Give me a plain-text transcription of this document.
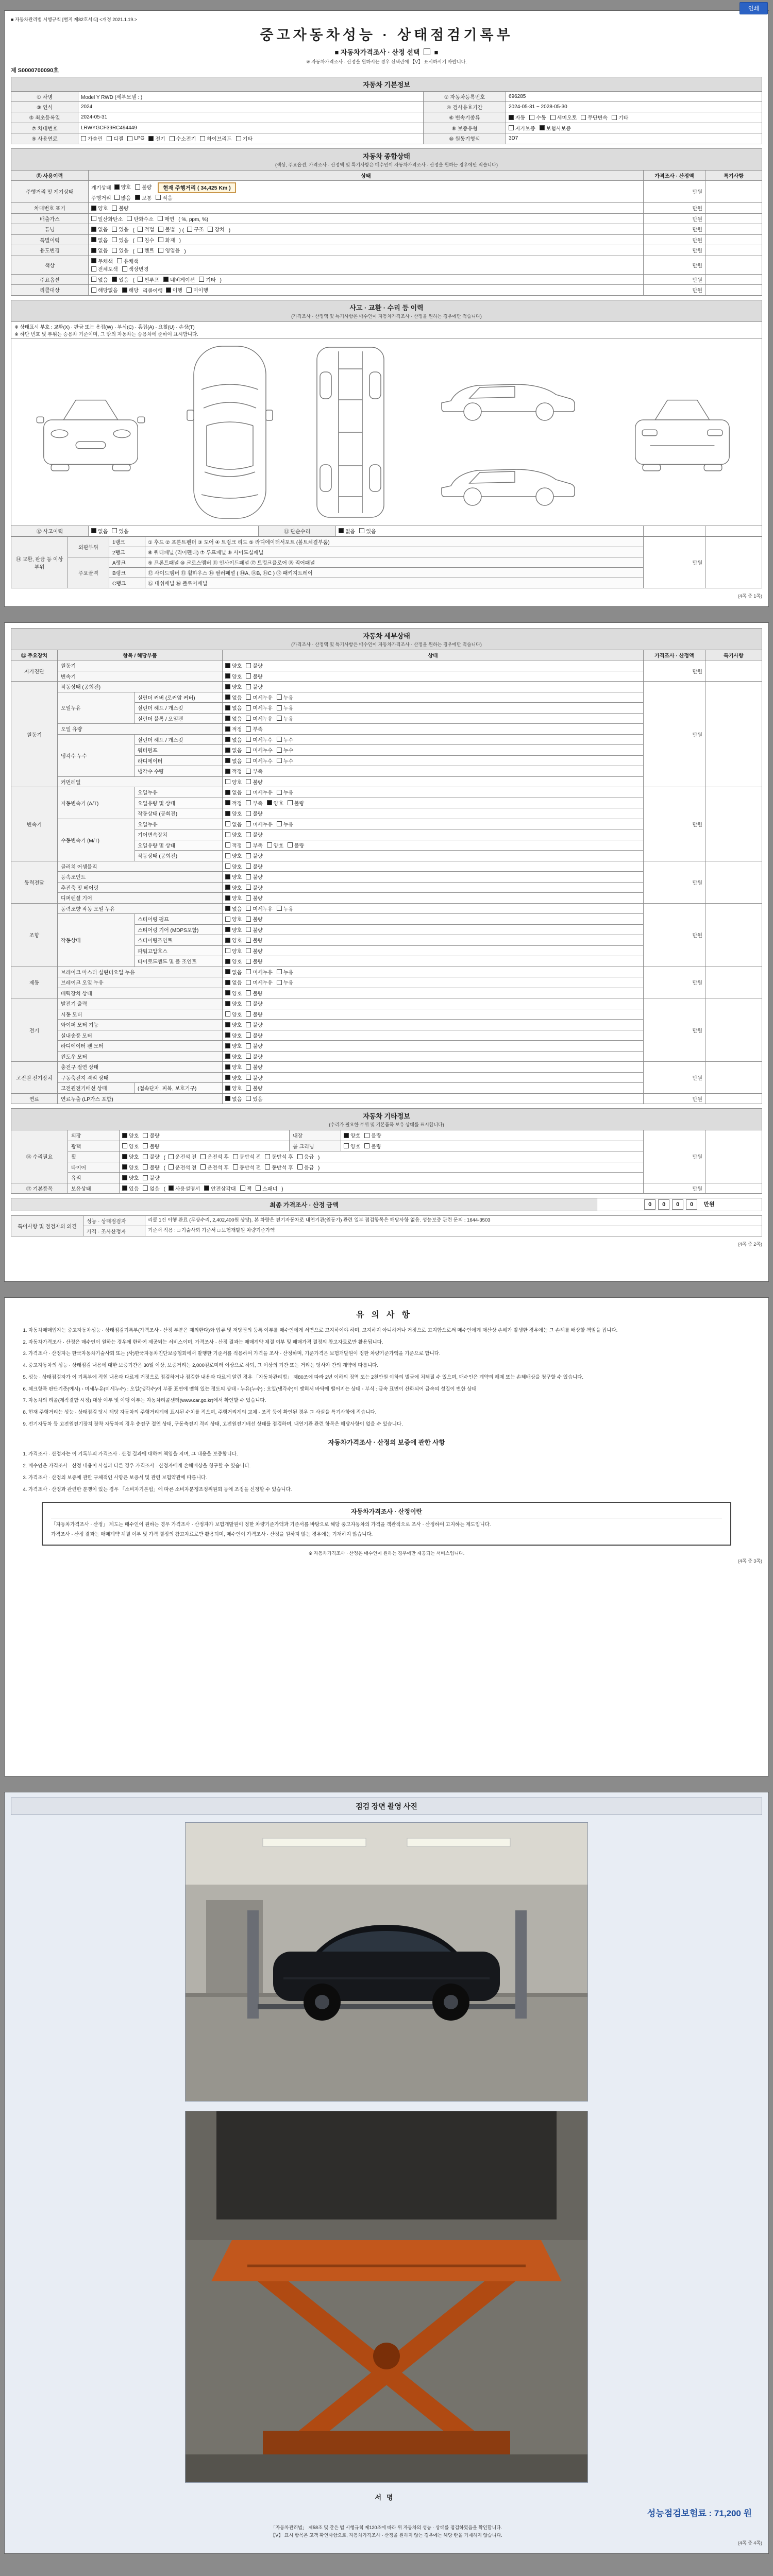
인쇄
■ 자동차관리법 시행규칙 [별지 제82호서식] <개정 2021.1.19.>
중고자동차성능 · 상태점검기록부
■ 자동차가격조사 · 산정 선택 ■
※ 자동차가격조사 · 산정을 원하시는 경우 선택란에 【V】 표시하시기 바랍니다.
제 S0000700090호
자동차 기본정보			
① 차명	Model Y RWD (세부모델 : )	② 자동차등록번호	696285
③ 연식	2024	④ 검사유효기간	2024-05-31 ~ 2028-05-30
⑤ 최초등록일	2024-05-31	⑥ 변속기종류	자동 수동 세미오토 무단변속 기타

⑦ 차대번호	LRWYGCF39RC494449	⑧ 보증유형	자가보증 보험사보증

⑨ 사용연료	가솔린 디젤 LPG 전기 수소전기 하이브리드 기타	⑩ 원동기형식	3D7
자동차 종합상태
(색상, 주요옵션, 가격조사 · 산정액 및 특기사항은 매수인이 자동차가격조사 · 산정을 원하는 경우에만 적습니다)			

⑪ 사용이력	상태	가격조사 · 산정액	특기사항
주행거리 및 계기상태	계기상태 양호 불량 현재 주행거리 ( 34,425 Km )
주행거리 많음 보통 적음
	만원	
차대번호 표기	양호 불량	만원	
배출가스	일산화탄소 탄화수소 매연 ( %, ppm, %)	만원	
튜닝	없음 있음 ( 적법 불법 ) ( 구조 장치 )	만원	
특별이력	없음 있음 ( 침수 화재 )	만원	
용도변경	없음 있음 ( 렌트 영업용 )	만원	
색상	무채색 유채색

전체도색 색상변경	만원	
주요옵션	없음 있음 ( 썬루프 네비게이션 기타 )	만원	
리콜대상	해당없음 해당 리콜이행 이행 미이행	만원	
사고 · 교환 · 수리 등 이력
(가격조사 · 산정액 및 특기사항은 매수인이 자동차가격조사 · 산정을 원하는 경우에만 적습니다)

※ 상태표시 부호 : 교환(X) · 판금 또는 용접(W) · 부식(C) · 흠집(A) · 요철(U) · 손상(T)
※ 하단 번호 및 부위는 승용차 기준이며, 그 밖의 자동차는 승용차에 준하여 표시합니다.

⑫ 사고이력	없음 있음	⑬ 단순수리	없음 있음

⑭ 교환, 판금 등 이상 부위	외판부위	1랭크	① 후드 ② 프론트펜더 ③ 도어 ④ 트렁크 리드 ⑤ 라디에이터서포트 (볼트체결부품)	만원	
		2랭크	⑥ 쿼터패널 (리어펜더) ⑦ 루프패널 ⑧ 사이드실패널		
	주요골격	A랭크	⑨ 프론트패널 ⑩ 크로스멤버 ⑪ 인사이드패널 ⑰ 트렁크플로어 ⑱ 리어패널		
		B랭크	⑫ 사이드멤버 ⑬ 휠하우스 ⑭ 필러패널 ( ⑭A, ⑭B, ⑭C ) ⑲ 패키지트레이		
		C랭크	⑮ 대쉬패널 ⑯ 플로어패널		
(4쪽 중 1쪽)
자동차 세부상태
(가격조사 · 산정액 및 특기사항은 매수인이 자동차가격조사 · 산정을 원하는 경우에만 적습니다)					

⑮ 주요장치	항목 / 해당부품		상태	가격조사 · 산정액	특기사항
자가진단	원동기		양호 불량	만원	
	변속기		양호 불량		

원동기	작동상태 (공회전)		양호 불량	만원	
	오일누유	실린더 커버 (로커암 커버)	없음 미세누유 누유		

		실린더 헤드 / 개스킷	없음 미세누유 누유		

		실린더 블록 / 오일팬	없음 미세누유 누유		

	오일 유량		적정 부족		

	냉각수 누수	실린더 헤드 / 개스킷	없음 미세누수 누수		

		워터펌프	없음 미세누수 누수		

		라디에이터	없음 미세누수 누수		

		냉각수 수량	적정 부족		

	커먼레일		양호 불량		

변속기	자동변속기 (A/T)	오일누유	없음 미세누유 누유	만원	
		오일유량 및 상태	적정 부족 양호 불량		

		작동상태 (공회전)	양호 불량		

	수동변속기 (M/T)	오일누유	없음 미세누유 누유		

		기어변속장치	양호 불량		

		오일유량 및 상태	적정 부족 양호 불량		

		작동상태 (공회전)	양호 불량		

동력전달	클러치 어셈블리		양호 불량	만원	
	등속조인트		양호 불량		

	추진축 및 베어링		양호 불량		

	디퍼렌셜 기어		양호 불량		

조향	동력조향 작동 오일 누유		없음 미세누유 누유	만원	
	작동상태	스티어링 펌프	양호 불량		

		스티어링 기어 (MDPS포함)	양호 불량		

		스티어링조인트	양호 불량		

		파워고압호스	양호 불량		

		타이로드엔드 및 볼 조인트	양호 불량		

제동	브레이크 마스터 실린더오일 누유		없음 미세누유 누유	만원	
	브레이크 오일 누유		없음 미세누유 누유		

	배력장치 상태		양호 불량		

전기	발전기 출력		양호 불량	만원	
	시동 모터		양호 불량		

	와이퍼 모터 기능		양호 불량		

	실내송풍 모터		양호 불량		

	라디에이터 팬 모터		양호 불량		

	윈도우 모터		양호 불량		

고전원 전기장치	충전구 절연 상태		양호 불량	만원	
	구동축전지 격리 상태		양호 불량		

	고전원전기배선 상태	(접속단자, 피복, 보호기구)	양호 불량		

연료	연료누출 (LP가스 포함)		없음 있음	만원	
자동차 기타정보
(수리가 필요한 부위 및 기본품목 보유 상태를 표시합니다)						

⑯ 수리필요	외장	양호 불량	내장	양호 불량	만원	
	광택	양호 불량	룸 크리닝	양호 불량		

휠	양호 불량 ( 운전석 전 운전석 후 동반석 전 동반석 후 응급 )
타이어	양호 불량 ( 운전석 전 운전석 후 동반석 전 동반석 후 응급 )
	유리	양호 불량				

⑰ 기본품목	보유상태	있음 없음 ( 사용설명서 안전삼각대 잭 스패너 )	만원	
최종 가격조사 · 산정 금액	0 0 0 0 만원
특이사항 및 점검자의 의견	성능 · 상태점검자	리콜 1건 이행 완료 (무상수리, 2,402,400원 상당). 본 차량은 전기자동차로 내연기관(원동기) 관련 일부 점검항목은 해당사항 없음. 성능보증 관련 문의 : 1644-3503
	가격 · 조사산정자	기준서 적용 : □ 기술사회 기준서 □ 보험개발원 차량기준가액
(4쪽 중 2쪽)
유의사항
1. 자동차매매업자는 중고자동차성능 · 상태점검기록부(가격조사 · 산정 부분은 제외한다)와 압류 및 저당권의 등록 여부를 매수인에게 서면으로 고지하여야 하며, 고지하지 아니하거나 거짓으로 고지함으로써 매수인에게 재산상 손해가 발생한 경우에는 그 손해를 배상할 책임을 집니다.
2. 자동차가격조사 · 산정은 매수인이 원하는 경우에 한하여 제공되는 서비스이며, 가격조사 · 산정 결과는 매매계약 체결 여부 및 매매가격 결정의 참고자료로만 활용됩니다.
3. 가격조사 · 산정자는 한국자동차기술사회 또는 (사)한국자동차진단보증협회에서 발행한 기준서를 적용하여 가격을 조사 · 산정하며, 기준가격은 보험개발원이 정한 차량기준가액을 기준으로 합니다.
4. 중고자동차의 성능 · 상태점검 내용에 대한 보증기간은 30일 이상, 보증거리는 2,000킬로미터 이상으로 하되, 그 이상의 기간 또는 거리는 당사자 간의 계약에 따릅니다.
5. 성능 · 상태점검자가 이 기록부에 적힌 내용과 다르게 거짓으로 점검하거나 점검한 내용과 다르게 알린 경우 「자동차관리법」 제80조에 따라 2년 이하의 징역 또는 2천만원 이하의 벌금에 처해질 수 있으며, 매수인은 계약의 해제 또는 손해배상을 청구할 수 있습니다.
6. 체크항목 판단기준(예시) ◦ 미세누유(미세누수) : 오일(냉각수)이 부품 표면에 맺혀 있는 정도의 상태 ◦ 누유(누수) : 오일(냉각수)이 맺혀서 바닥에 떨어지는 상태 ◦ 부식 : 금속 표면이 산화되어 금속의 성질이 변한 상태
7. 자동차의 리콜(제작결함 시정) 대상 여부 및 이행 여부는 자동차리콜센터(www.car.go.kr)에서 확인할 수 있습니다.
8. 현재 주행거리는 성능 · 상태점검 당시 해당 자동차의 주행거리계에 표시된 수치를 적으며, 주행거리계의 교체 · 조작 등이 확인된 경우 그 사실을 특기사항에 적습니다.
9. 전기자동차 등 고전원전기장치 장착 자동차의 경우 충전구 절연 상태, 구동축전지 격리 상태, 고전원전기배선 상태를 점검하며, 내연기관 관련 항목은 해당사항이 없을 수 있습니다.
자동차가격조사 · 산정의 보증에 관한 사항
1. 가격조사 · 산정자는 이 기록부의 가격조사 · 산정 결과에 대하여 책임을 지며, 그 내용을 보증합니다.
2. 매수인은 가격조사 · 산정 내용이 사실과 다른 경우 가격조사 · 산정자에게 손해배상을 청구할 수 있습니다.
3. 가격조사 · 산정의 보증에 관한 구체적인 사항은 보증서 및 관련 보험약관에 따릅니다.
4. 가격조사 · 산정과 관련한 분쟁이 있는 경우 「소비자기본법」에 따른 소비자분쟁조정위원회 등에 조정을 신청할 수 있습니다.
자동차가격조사 · 산정이란

「자동차가격조사 · 산정」 제도는 매수인이 원하는 경우 가격조사 · 산정자가 보험개발원이 정한 차량기준가액과 기준서를 바탕으로 해당 중고자동차의 가격을 객관적으로 조사 · 산정하여 고지하는 제도입니다.

가격조사 · 산정 결과는 매매계약 체결 여부 및 가격 결정의 참고자료로만 활용되며, 매수인이 가격조사 · 산정을 원하지 않는 경우에는 기재하지 않습니다.

※ 자동차가격조사 · 산정은 매수인이 원하는 경우에만 제공되는 서비스입니다.
(4쪽 중 3쪽)
점검 장면 촬영 사진
서명
성능점검보험료 : 71,200 원
「자동차관리법」 제58조 및 같은 법 시행규칙 제120조에 따라 위 자동차의 성능 · 상태를 점검하였음을 확인합니다.
【V】 표시 항목은 고객 확인사항으로, 자동차가격조사 · 산정을 원하지 않는 경우에는 해당 란을 기재하지 않습니다.
(4쪽 중 4쪽)
